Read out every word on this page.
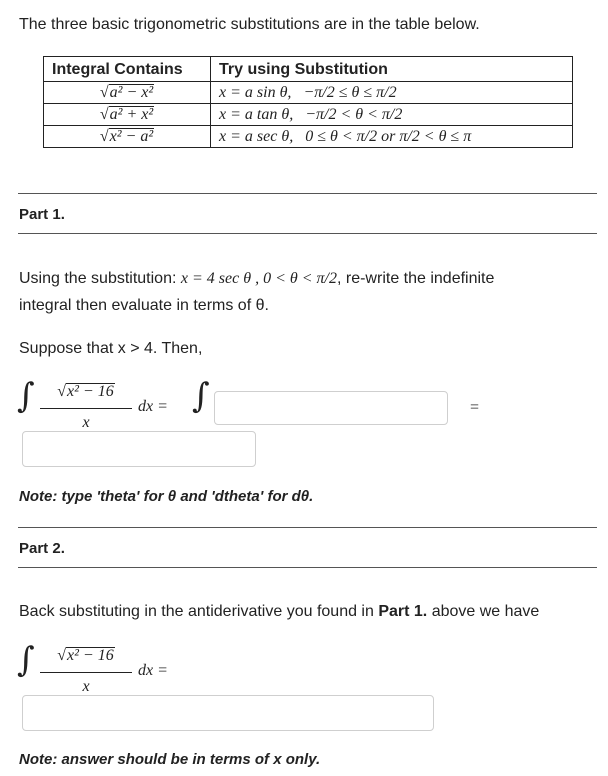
The three basic trigonometric substitutions are in the table below.
Integral Contains	Try using Substitution
√a² − x²	x = a sin θ, −π/2 ≤ θ ≤ π/2
√a² + x²	x = a tan θ, −π/2 < θ < π/2
√x² − a²	x = a sec θ, 0 ≤ θ < π/2 or π/2 < θ ≤ π
Part 1.
Using the substitution: x = 4 sec θ , 0 < θ < π/2, re-write the indefinite
integral then evaluate in terms of θ.
Suppose that x > 4. Then,
∫	√x² − 16
x
dx = ∫	=
Note: type 'theta' for θ and 'dtheta' for dθ.
Part 2.
Back substituting in the antiderivative you found in Part 1. above we have
∫	√x² − 16
x
dx =
Note: answer should be in terms of x only.
